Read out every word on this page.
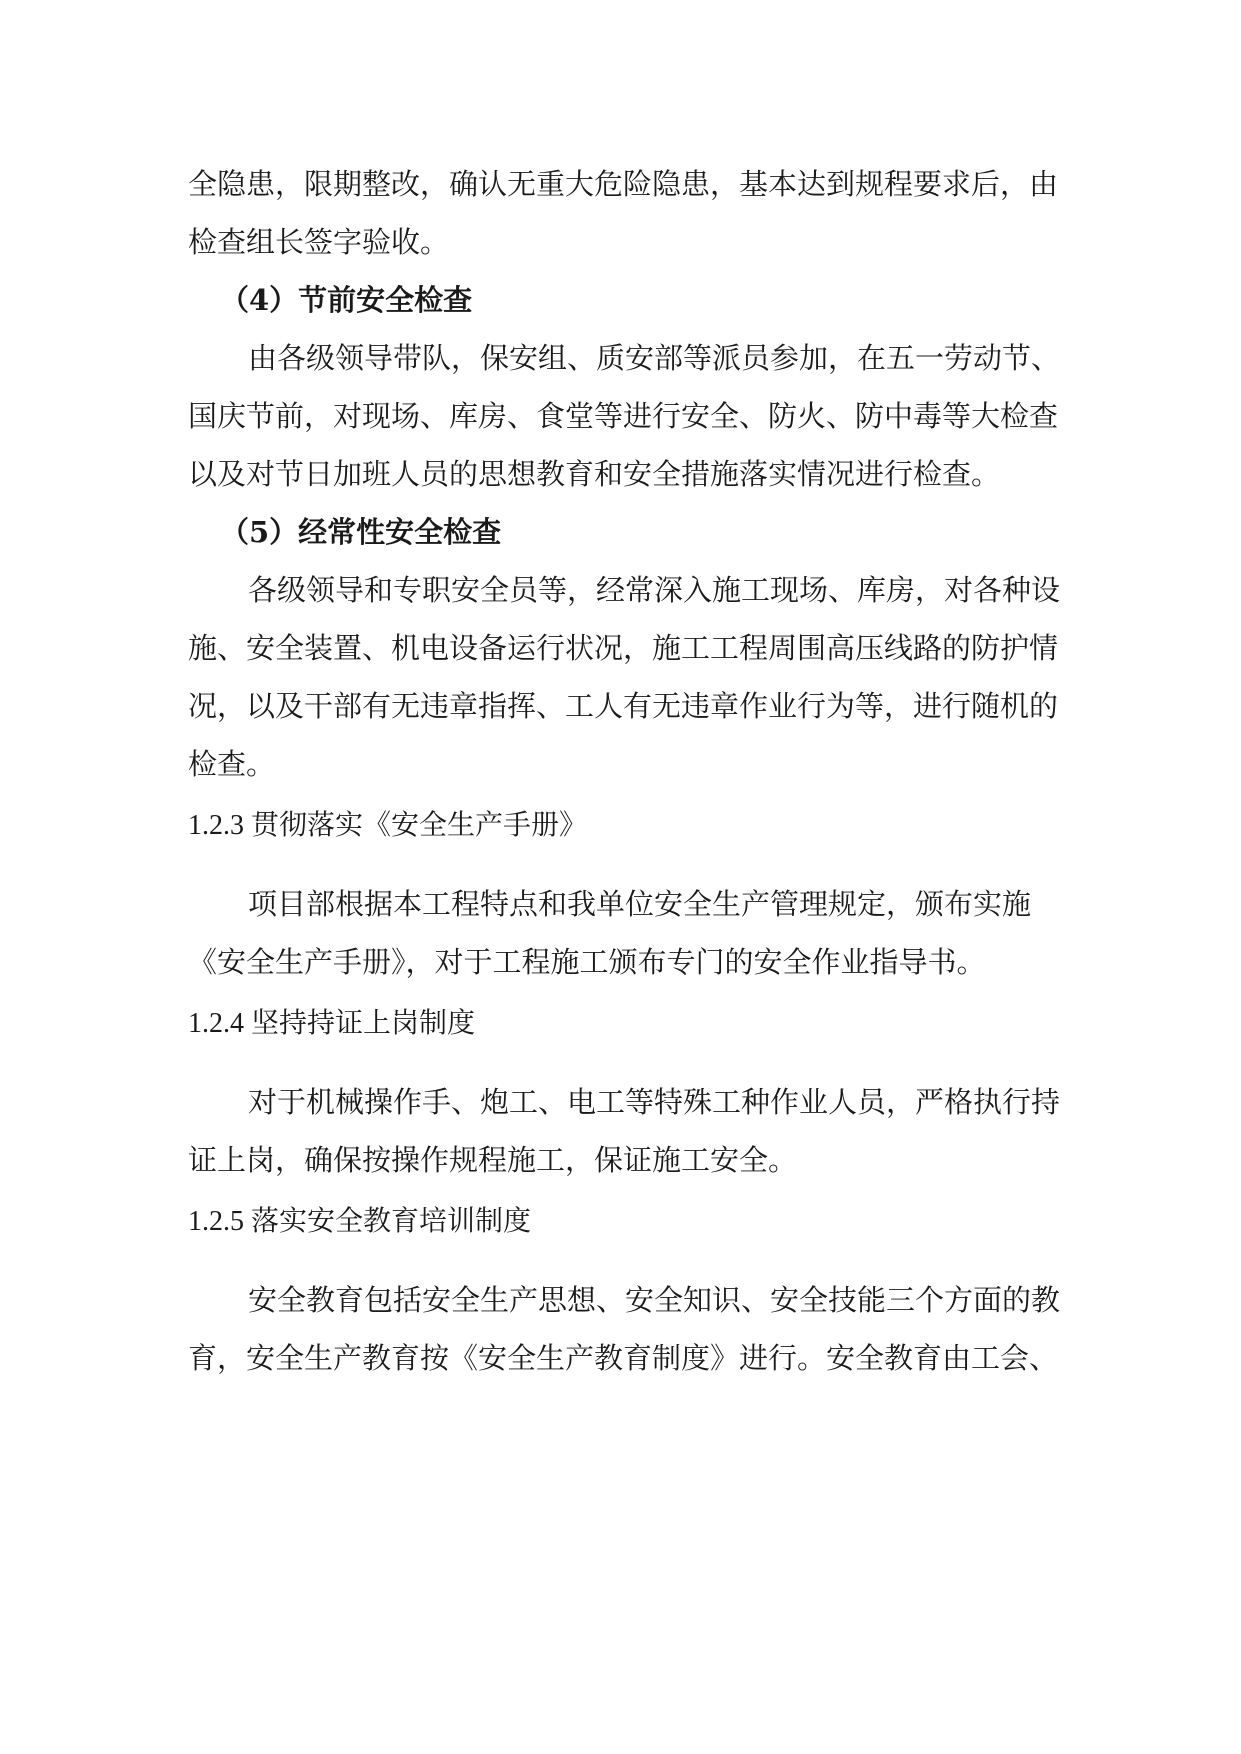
全隐患，限期整改，确认无重大危险隐患，基本达到规程要求后，由
检查组长签字验收。
（4）节前安全检查
由各级领导带队，保安组、质安部等派员参加，在五一劳动节、
国庆节前，对现场、库房、食堂等进行安全、防火、防中毒等大检查
以及对节日加班人员的思想教育和安全措施落实情况进行检查。
（5）经常性安全检查
各级领导和专职安全员等，经常深入施工现场、库房，对各种设
施、安全装置、机电设备运行状况，施工工程周围高压线路的防护情
况，以及干部有无违章指挥、工人有无违章作业行为等，进行随机的
检查。
1.2.3 贯彻落实《安全生产手册》
项目部根据本工程特点和我单位安全生产管理规定，颁布实施
《安全生产手册》，对于工程施工颁布专门的安全作业指导书。
1.2.4 坚持持证上岗制度
对于机械操作手、炮工、电工等特殊工种作业人员，严格执行持
证上岗，确保按操作规程施工，保证施工安全。
1.2.5 落实安全教育培训制度
安全教育包括安全生产思想、安全知识、安全技能三个方面的教
育，安全生产教育按《安全生产教育制度》进行。安全教育由工会、
